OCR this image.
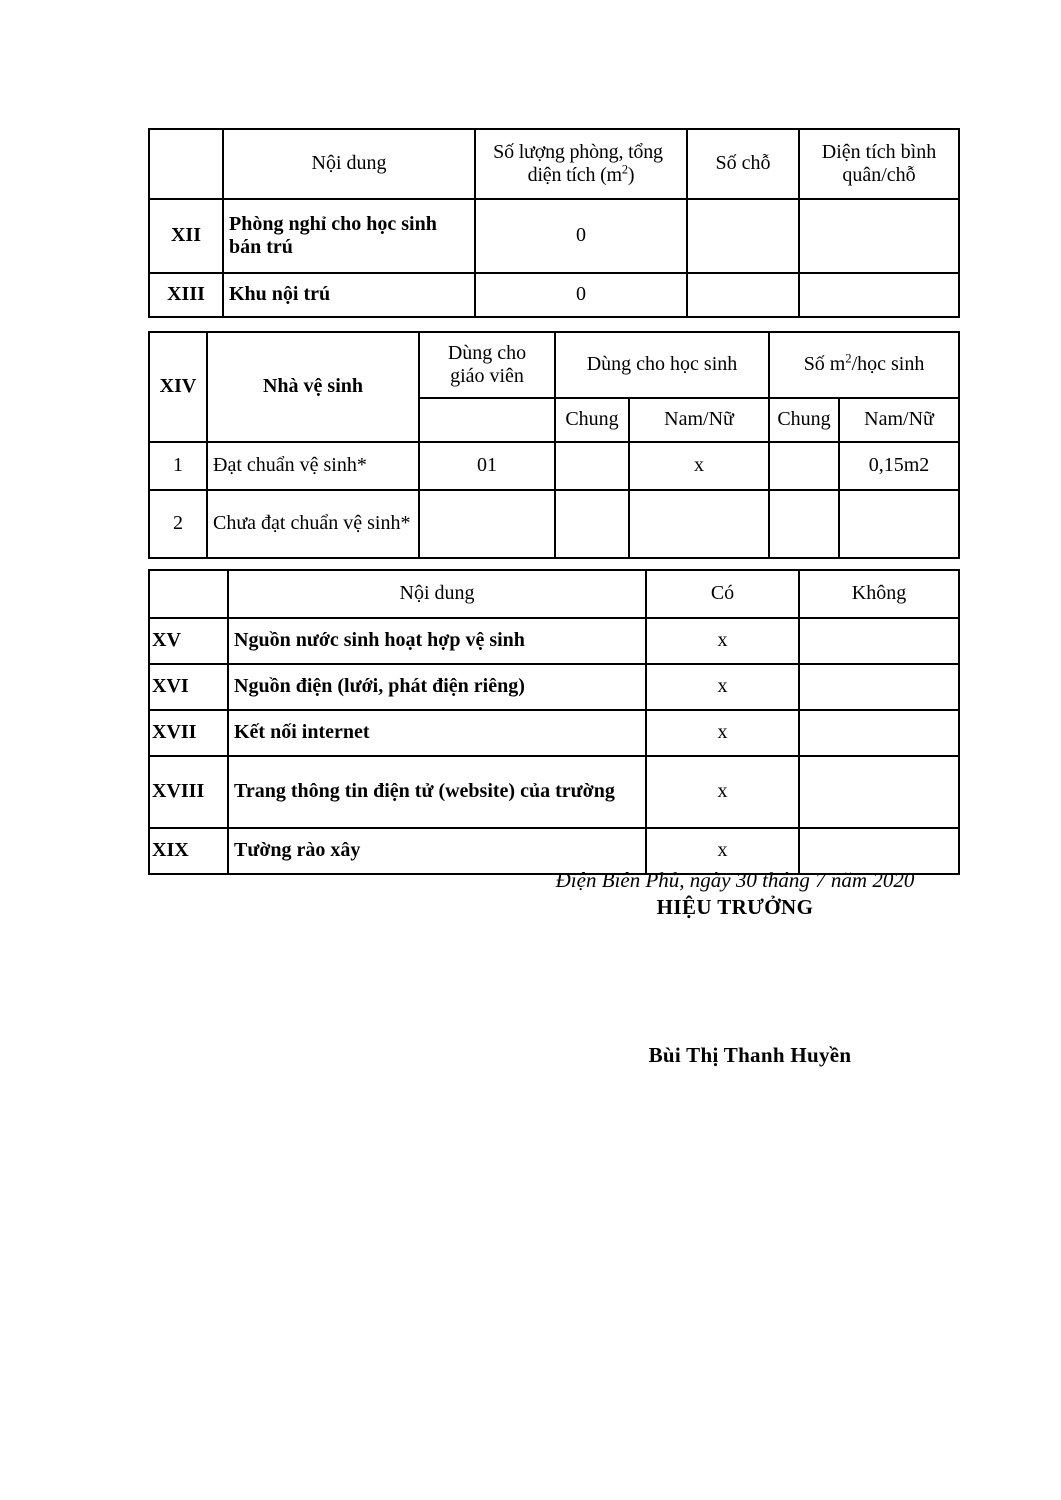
	Nội dung	Số lượng phòng, tổng
diện tích $(m^2)$	Số chỗ	Diện tích bình
quân/chỗ
XII	Phòng nghỉ cho học sinh bán trú	0		
XIII	Khu nội trú	0		
XIV	Nhà vệ sinh	Dùng cho
giáo viên	Dùng cho học sinh		Số $m^2$/học sinh	
			Chung	Nam/Nữ	Chung	Nam/Nữ
1	Đạt chuẩn vệ sinh*	01		x		0,15m2
2	Chưa đạt chuẩn vệ sinh*					
	Nội dung	Có	Không
XV	Nguồn nước sinh hoạt hợp vệ sinh	x	
XVI	Nguồn điện (lưới, phát điện riêng)	x	
XVII	Kết nối internet	x	
XVIII	Trang thông tin điện tử (website) của trường	x	
XIX	Tường rào xây	x	
Điện Biên Phủ, ngày 30 tháng 7 năm 2020
HIỆU TRƯỞNG
Bùi Thị Thanh Huyền
